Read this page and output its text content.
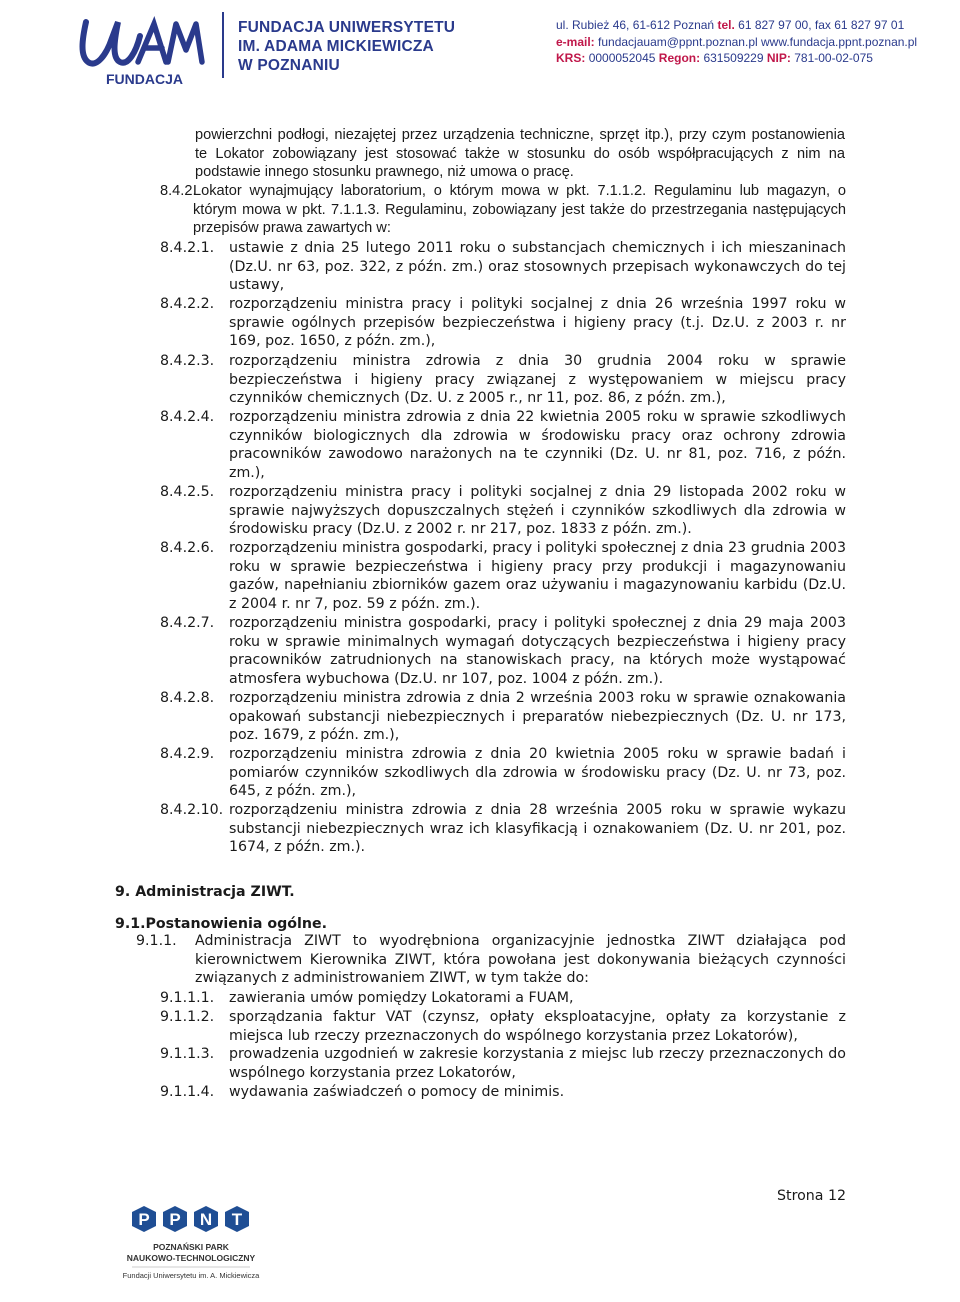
FUNDACJA
FUNDACJA UNIWERSYTETU
IM. ADAMA MICKIEWICZA
W POZNANIU
ul. Rubież 46, 61-612 Poznań tel. 61 827 97 00, fax 61 827 97 01
e-mail: fundacjauam@ppnt.poznan.pl www.fundacja.ppnt.poznan.pl
KRS: 0000052045 Regon: 631509229 NIP: 781-00-02-075
powierzchni podłogi, niezajętej przez urządzenia techniczne, sprzęt itp.), przy czym postanowienia te Lokator zobowiązany jest stosować także w stosunku do osób współpracujących z nim na podstawie innego stosunku prawnego, niż umowa o pracę.
8.4.2.
Lokator wynajmujący laboratorium, o którym mowa w pkt. 7.1.1.2. Regulaminu lub magazyn, o którym mowa w pkt. 7.1.1.3. Regulaminu, zobowiązany jest także do przestrzegania następujących przepisów prawa zawartych w:
8.4.2.1. ustawie z dnia 25 lutego 2011 roku o substancjach chemicznych i ich mieszaninach (Dz.U. nr 63, poz. 322, z późn. zm.) oraz stosownych przepisach wykonawczych do tej ustawy,
8.4.2.2. rozporządzeniu ministra pracy i polityki socjalnej z dnia 26 września 1997 roku w sprawie ogólnych przepisów bezpieczeństwa i higieny pracy (t.j. Dz.U. z 2003 r. nr 169, poz. 1650, z późn. zm.),
8.4.2.3. rozporządzeniu ministra zdrowia z dnia 30 grudnia 2004 roku w sprawie bezpieczeństwa i higieny pracy związanej z występowaniem w miejscu pracy czynników chemicznych (Dz. U. z 2005 r., nr 11, poz. 86, z późn. zm.),
8.4.2.4. rozporządzeniu ministra zdrowia z dnia 22 kwietnia 2005 roku w sprawie szkodliwych czynników biologicznych dla zdrowia w środowisku pracy oraz ochrony zdrowia pracowników zawodowo narażonych na te czynniki (Dz. U. nr 81, poz. 716, z późn. zm.),
8.4.2.5. rozporządzeniu ministra pracy i polityki socjalnej z dnia 29 listopada 2002 roku w sprawie najwyższych dopuszczalnych stężeń i czynników szkodliwych dla zdrowia w środowisku pracy (Dz.U. z 2002 r. nr 217, poz. 1833 z późn. zm.).
8.4.2.6. rozporządzeniu ministra gospodarki, pracy i polityki społecznej z dnia 23 grudnia 2003 roku w sprawie bezpieczeństwa i higieny pracy przy produkcji i magazynowaniu gazów, napełnianiu zbiorników gazem oraz używaniu i magazynowaniu karbidu (Dz.U. z 2004 r. nr 7, poz. 59 z późn. zm.).
8.4.2.7. rozporządzeniu ministra gospodarki, pracy i polityki społecznej z dnia 29 maja 2003 roku w sprawie minimalnych wymagań dotyczących bezpieczeństwa i higieny pracy pracowników zatrudnionych na stanowiskach pracy, na których może wystąpować atmosfera wybuchowa (Dz.U. nr 107, poz. 1004 z późn. zm.).
8.4.2.8. rozporządzeniu ministra zdrowia z dnia 2 września 2003 roku w sprawie oznakowania opakowań substancji niebezpiecznych i preparatów niebezpiecznych (Dz. U. nr 173, poz. 1679, z późn. zm.),
8.4.2.9. rozporządzeniu ministra zdrowia z dnia 20 kwietnia 2005 roku w sprawie badań i pomiarów czynników szkodliwych dla zdrowia w środowisku pracy (Dz. U. nr 73, poz. 645, z późn. zm.),
8.4.2.10. rozporządzeniu ministra zdrowia z dnia 28 września 2005 roku w sprawie wykazu substancji niebezpiecznych wraz ich klasyfikacją i oznakowaniem (Dz. U. nr 201, poz. 1674, z późn. zm.).
9. Administracja ZIWT.
9.1.Postanowienia ogólne.
9.1.1. Administracja ZIWT to wyodrębniona organizacyjnie jednostka ZIWT działająca pod kierownictwem Kierownika ZIWT, która powołana jest dokonywania bieżących czynności związanych z administrowaniem ZIWT, w tym także do:
9.1.1.1. zawierania umów pomiędzy Lokatorami a FUAM,
9.1.1.2. sporządzania faktur VAT (czynsz, opłaty eksploatacyjne, opłaty za korzystanie z miejsca lub rzeczy przeznaczonych do wspólnego korzystania przez Lokatorów),
9.1.1.3. prowadzenia uzgodnień w zakresie korzystania z miejsc lub rzeczy przeznaczonych do wspólnego korzystania przez Lokatorów,
9.1.1.4. wydawania zaświadczeń o pomocy de minimis.
Strona 12
P P N T
POZNAŃSKI PARK
NAUKOWO-TECHNOLOGICZNY
Fundacji Uniwersytetu im. A. Mickiewicza
